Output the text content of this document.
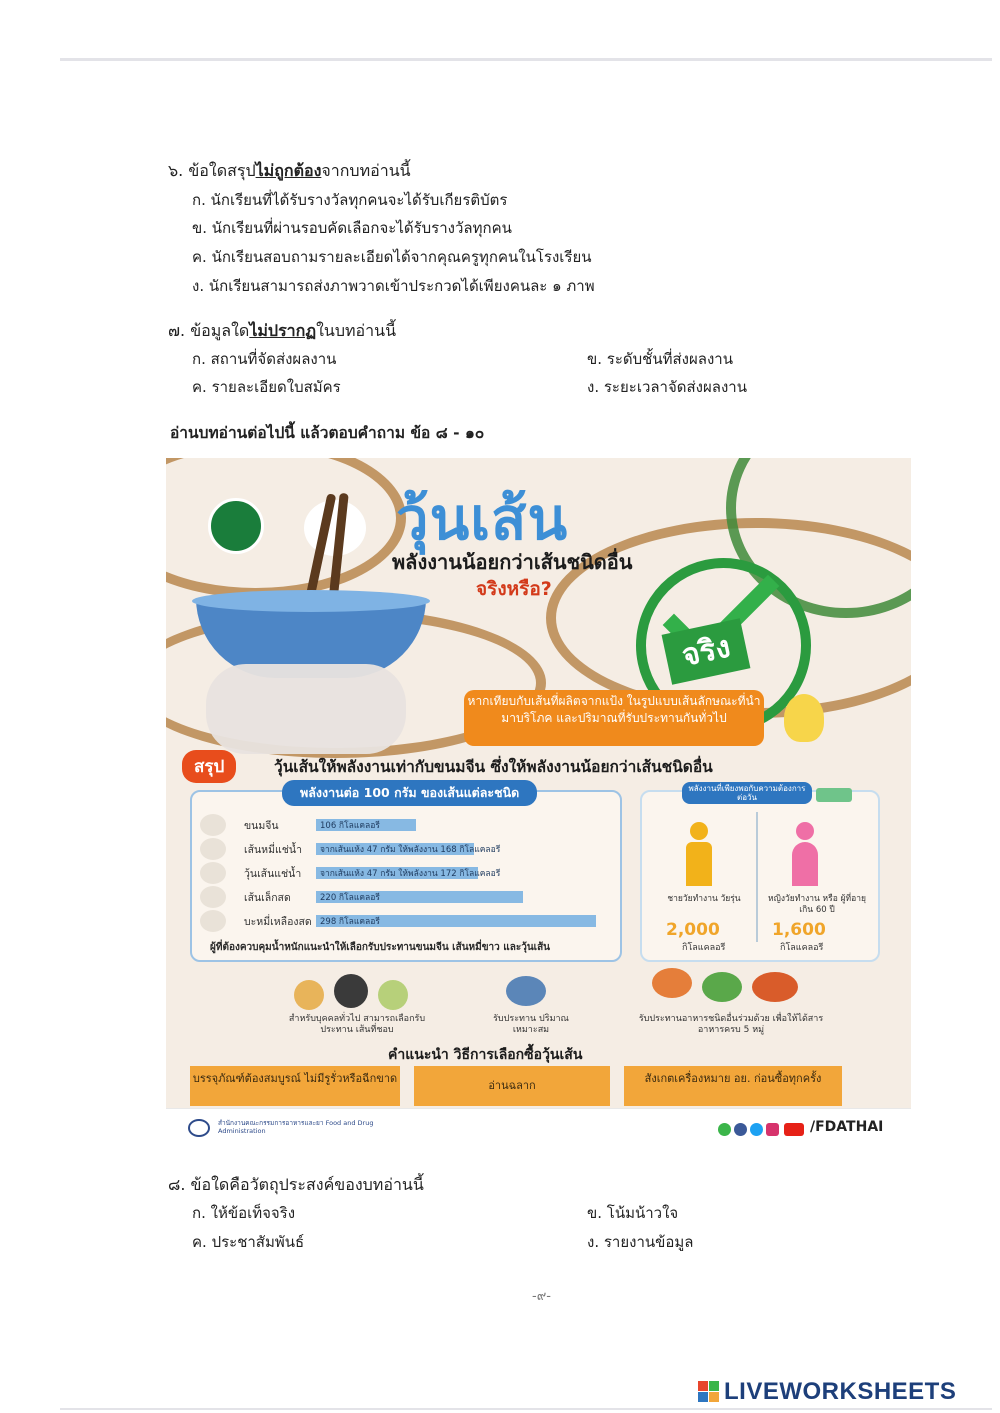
๖. ข้อใดสรุปไม่ถูกต้องจากบทอ่านนี้
ก. นักเรียนที่ได้รับรางวัลทุกคนจะได้รับเกียรติบัตร
ข. นักเรียนที่ผ่านรอบคัดเลือกจะได้รับรางวัลทุกคน
ค. นักเรียนสอบถามรายละเอียดได้จากคุณครูทุกคนในโรงเรียน
ง. นักเรียนสามารถส่งภาพวาดเข้าประกวดได้เพียงคนละ ๑ ภาพ
๗. ข้อมูลใดไม่ปรากฏในบทอ่านนี้
ก. สถานที่จัดส่งผลงาน	ข. ระดับชั้นที่ส่งผลงาน
ค. รายละเอียดใบสมัคร	ง. ระยะเวลาจัดส่งผลงาน
อ่านบทอ่านต่อไปนี้ แล้วตอบคำถาม ข้อ ๘ - ๑๐
วุ้นเส้น
พลังงานน้อยกว่าเส้นชนิดอื่น
จริงหรือ?
จริง
หากเทียบกับเส้นที่ผลิตจากแป้ง ในรูปแบบเส้นลักษณะที่นำมาบริโภค และปริมาณที่รับประทานกันทั่วไป
สรุป	วุ้นเส้นให้พลังงานเท่ากับขนมจีน ซึ่งให้พลังงานน้อยกว่าเส้นชนิดอื่น
พลังงานต่อ 100 กรัม ของเส้นแต่ละชนิด
ขนมจีน	106 กิโลแคลอรี
เส้นหมี่แช่น้ำ จากเส้นแห้ง 47 กรัม ให้พลังงาน 168 กิโลแคลอรี
วุ้นเส้นแช่น้ำ จากเส้นแห้ง 47 กรัม ให้พลังงาน 172 กิโลแคลอรี
เส้นเล็กสด	220 กิโลแคลอรี
บะหมี่เหลืองสด 298 กิโลแคลอรี
ผู้ที่ต้องควบคุมน้ำหนักแนะนำให้เลือกรับประทานขนมจีน เส้นหมี่ขาว และวุ้นเส้น
พลังงานที่เพียงพอกับความต้องการต่อวัน
ชายวัยทำงาน วัยรุ่น	หญิงวัยทำงาน หรือ ผู้ที่อายุเกิน 60 ปี
2,000	1,600
กิโลแคลอรี	กิโลแคลอรี
สำหรับบุคคลทั่วไป สามารถเลือกรับประทาน เส้นที่ชอบ
รับประทาน ปริมาณเหมาะสม
รับประทานอาหารชนิดอื่นร่วมด้วย เพื่อให้ได้สารอาหารครบ 5 หมู่
คำแนะนำ วิธีการเลือกซื้อวุ้นเส้น
บรรจุภัณฑ์ต้องสมบูรณ์ ไม่มีรูรั่วหรือฉีกขาด
อ่านฉลาก
สังเกตเครื่องหมาย อย. ก่อนซื้อทุกครั้ง
สำนักงานคณะกรรมการอาหารและยา Food and Drug Administration	/FDATHAI
๘. ข้อใดคือวัตถุประสงค์ของบทอ่านนี้
ก. ให้ข้อเท็จจริง	ข. โน้มน้าวใจ
ค. ประชาสัมพันธ์	ง. รายงานข้อมูล
-๙-
LIVEWORKSHEETS
